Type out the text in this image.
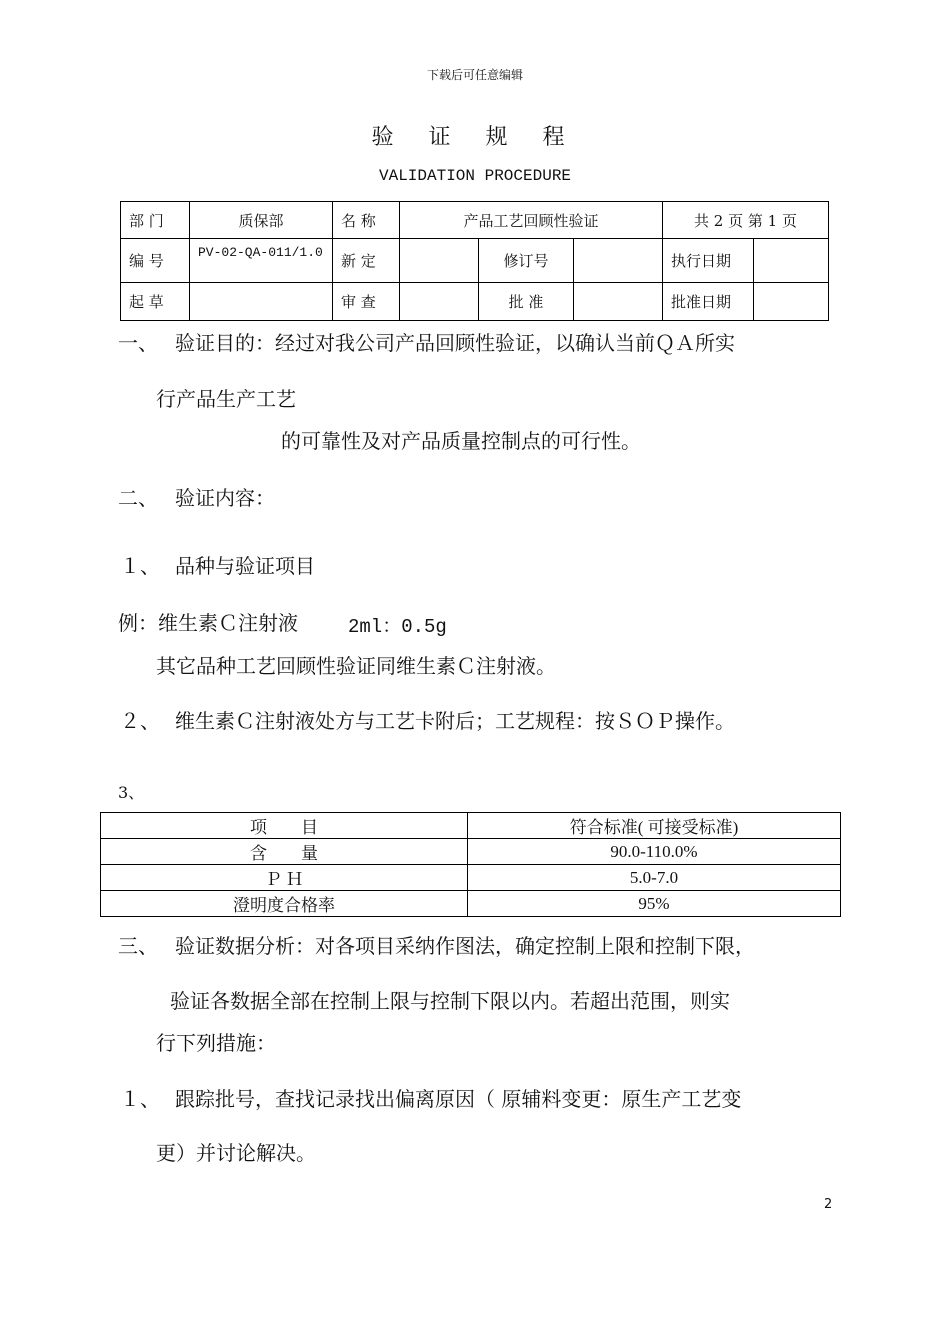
下载后可任意编辑
验 证 规 程
VALIDATION PROCEDURE
部 门	质保部	名 称	产品工艺回顾性验证			共 2 页 第 1 页	
编 号	PV-02-QA-011/1.0	新 定		修订号		执行日期	
起 草		审 查		批 准		批准日期	
一、 验证目的：经过对我公司产品回顾性验证，以确认当前ＱＡ所实
行产品生产工艺
的可靠性及对产品质量控制点的可行性。
二、 验证内容：
１、 品种与验证项目
例：维生素Ｃ注射液	2ml：0.5g
其它品种工艺回顾性验证同维生素Ｃ注射液。
２、 维生素Ｃ注射液处方与工艺卡附后；工艺规程：按ＳＯＰ操作。
3、
项　　目	符合标准( 可接受标准)
含　　量	90.0-110.0%
Ｐ Ｈ	5.0-7.0
澄明度合格率	95%
三、 验证数据分析：对各项目采纳作图法，确定控制上限和控制下限，
验证各数据全部在控制上限与控制下限以内。若超出范围，则实
行下列措施：
１、 跟踪批号，查找记录找出偏离原因（ 原辅料变更：原生产工艺变
更）并讨论解决。
2
